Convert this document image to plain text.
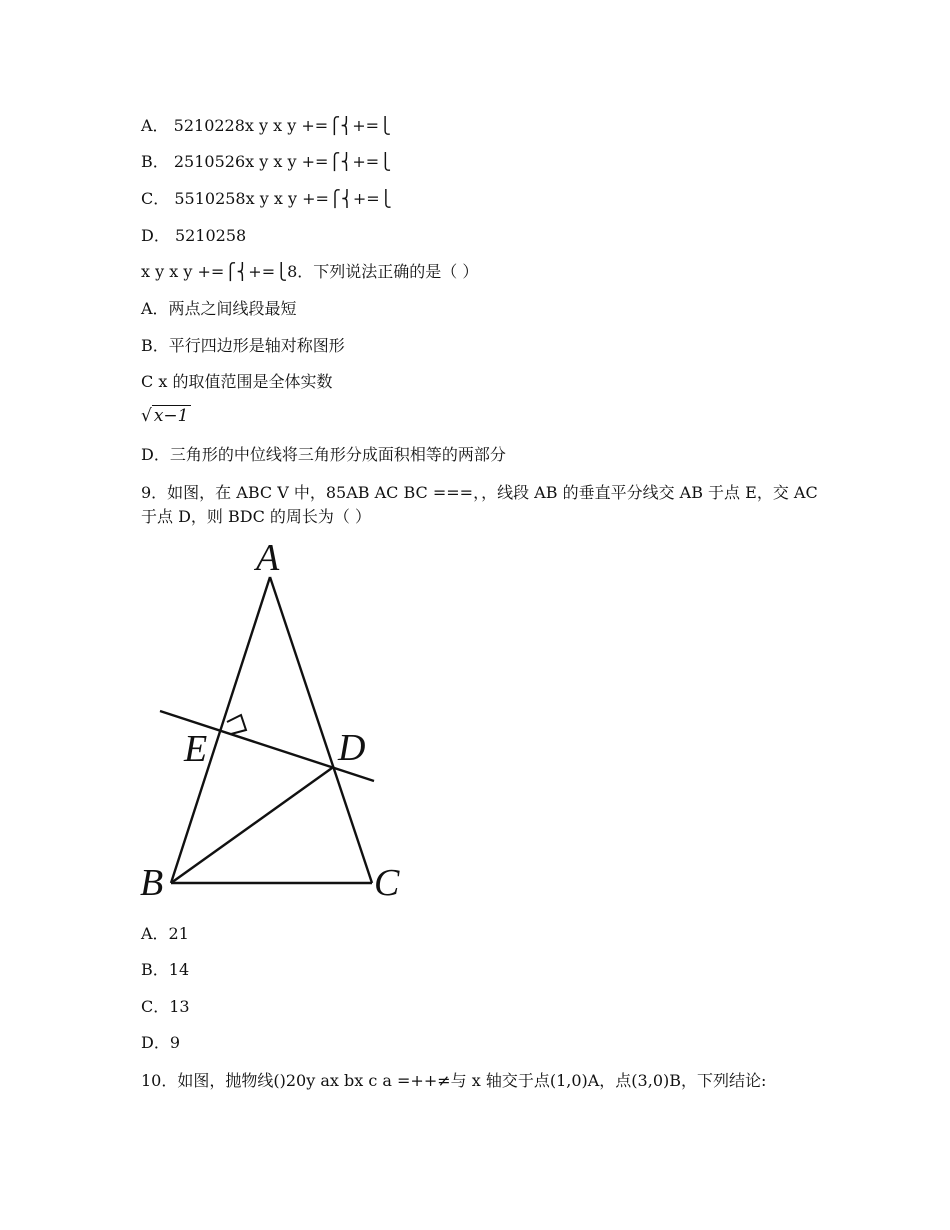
A． 5210228x y x y +=⎧⎨+=⎩
B． 2510526x y x y +=⎧⎨+=⎩
C． 5510258x y x y +=⎧⎨+=⎩
D． 5210258
x y x y +=⎧⎨+=⎩8．下列说法正确的是（ ）
A．两点之间线段最短
B．平行四边形是轴对称图形
C x 的取值范围是全体实数
√ x−1
D．三角形的中位线将三角形分成面积相等的两部分
9．如图，在 ABC V 中，85AB AC BC ===，，线段 AB 的垂直平分线交 AB 于点 E，交 AC 于点 D，则 BDC 的周长为（ ）
A
E	D
B	C
A．21
B．14
C．13
D．9
10．如图，抛物线()20y ax bx c a =++≠与 x 轴交于点(1,0)A，点(3,0)B，下列结论:
